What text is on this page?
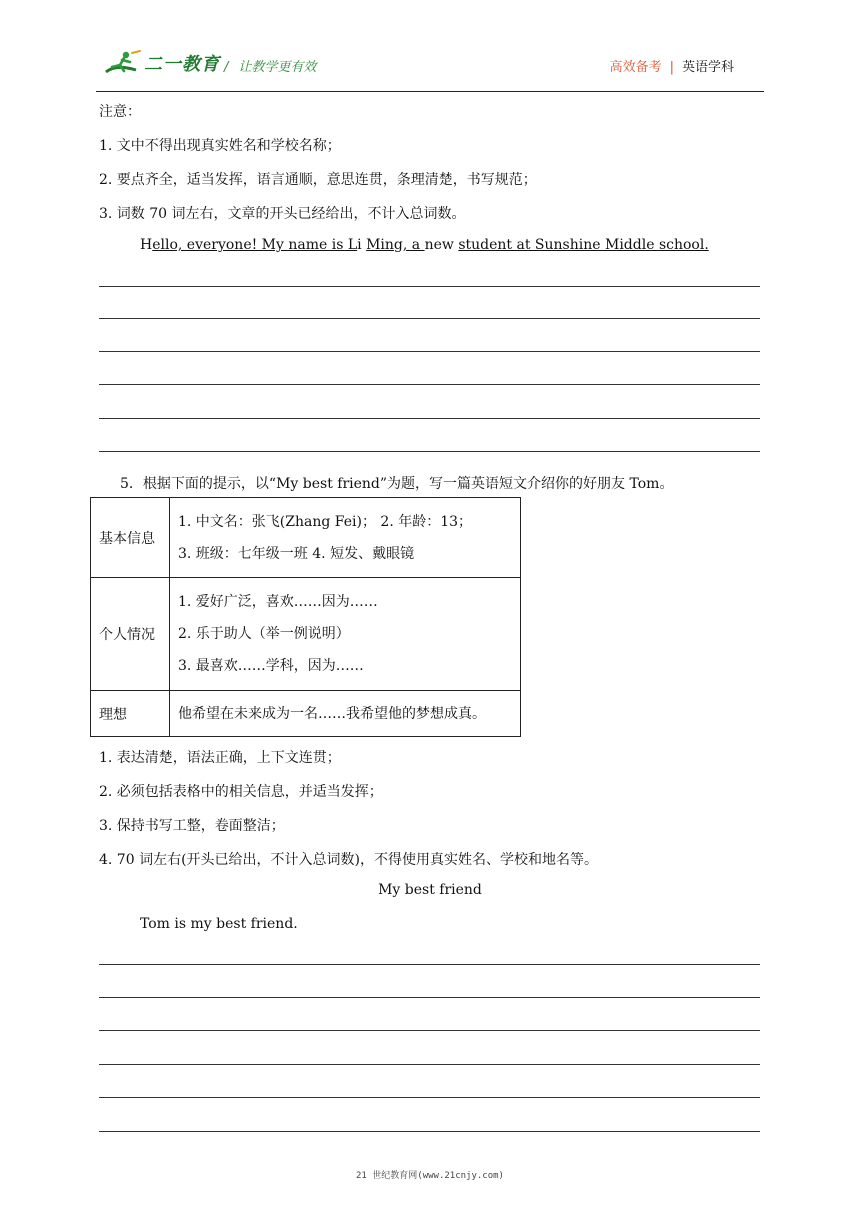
二一教育 / 让教学更有效	高效备考 | 英语学科
注意：
1. 文中不得出现真实姓名和学校名称；
2. 要点齐全，适当发挥，语言通顺，意思连贯，条理清楚，书写规范；
3. 词数 70 词左右，文章的开头已经给出，不计入总词数。
Hello, everyone! My name is Li Ming, a new student at Sunshine Middle school.
5．根据下面的提示，以“My best friend”为题，写一篇英语短文介绍你的好朋友 Tom。
基本信息	1. 中文名：张飞(Zhang Fei)； 2. 年龄：13；
3. 班级：七年级一班 4. 短发、戴眼镜

个人情况	1. 爱好广泛，喜欢……因为……
2. 乐于助人（举一例说明）
3. 最喜欢……学科，因为……

理想	他希望在未来成为一名……我希望他的梦想成真。
1. 表达清楚，语法正确，上下文连贯；
2. 必须包括表格中的相关信息，并适当发挥；
3. 保持书写工整，卷面整洁；
4. 70 词左右(开头已给出，不计入总词数)，不得使用真实姓名、学校和地名等。
My best friend
Tom is my best friend.
21 世纪教育网(www.21cnjy.com)
